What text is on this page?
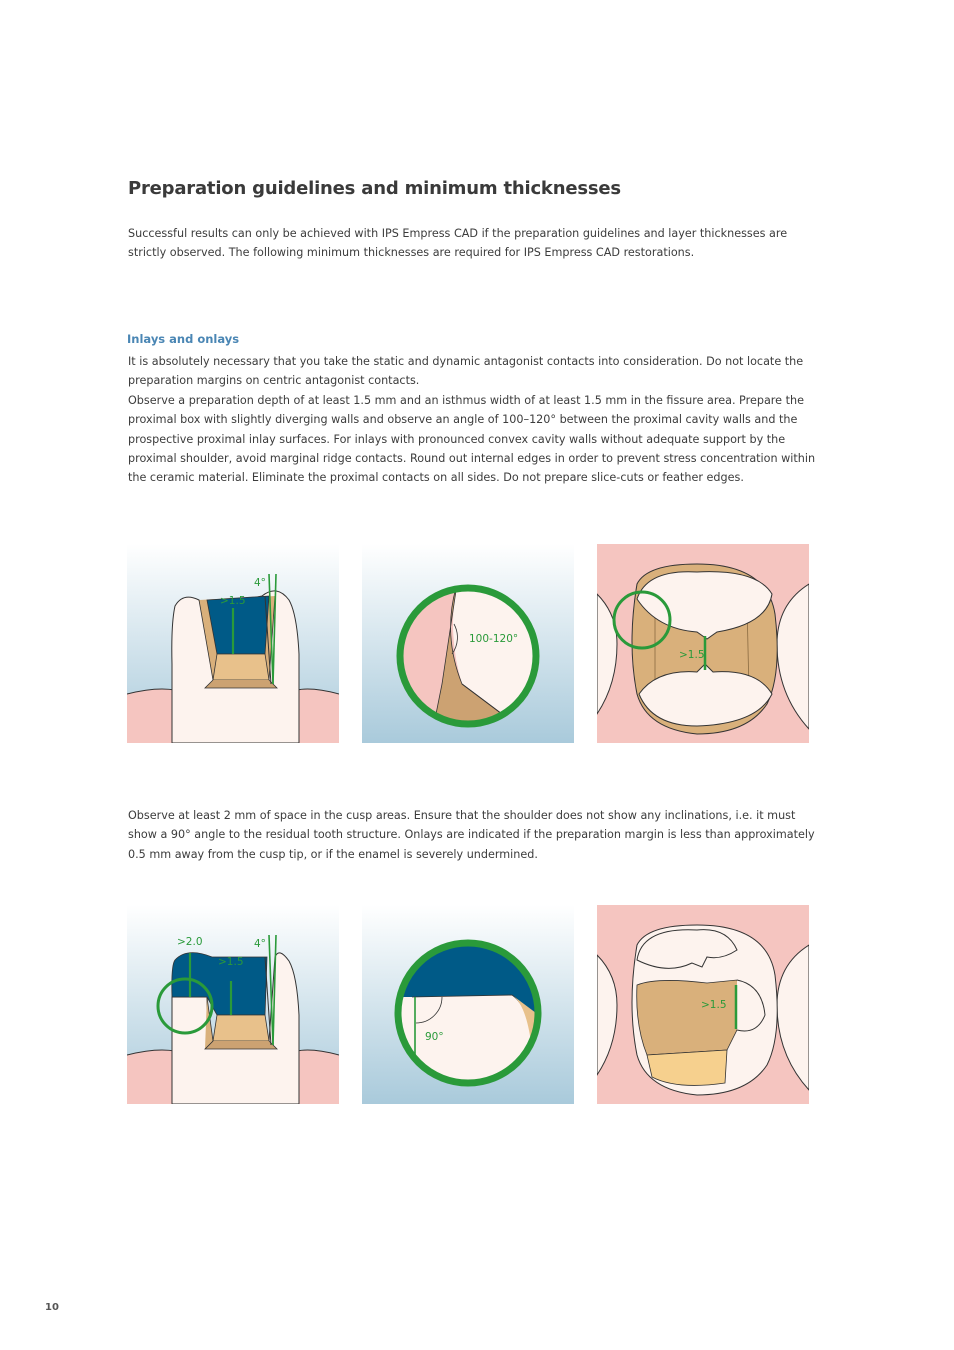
Preparation guidelines and minimum thicknesses

Successful results can only be achieved with IPS Empress CAD if the preparation guidelines and layer thicknesses are strictly observed. The following minimum thicknesses are required for IPS Empress CAD restorations.

Inlays and onlays

It is absolutely necessary that you take the static and dynamic antagonist contacts into consideration. Do not locate the preparation margins on centric antagonist contacts.

Observe a preparation depth of at least 1.5 mm and an isthmus width of at least 1.5 mm in the fissure area. Prepare the proximal box with slightly diverging walls and observe an angle of 100–120° between the proximal cavity walls and the prospective proximal inlay surfaces. For inlays with pronounced convex cavity walls without adequate support by the proximal shoulder, avoid marginal ridge contacts. Round out internal edges in order to prevent stress concentration within the ceramic material. Eliminate the proximal contacts on all sides. Do not prepare slice-cuts or feather edges.

4°
>1.5
100-120°
>1.5

Observe at least 2 mm of space in the cusp areas. Ensure that the shoulder does not show any inclinations, i.e. it must show a 90° angle to the residual tooth structure. Onlays are indicated if the preparation margin is less than approximately 0.5 mm away from the cusp tip, or if the enamel is severely undermined.

>2.0
>1.5
4°
90°
>1.5
10
